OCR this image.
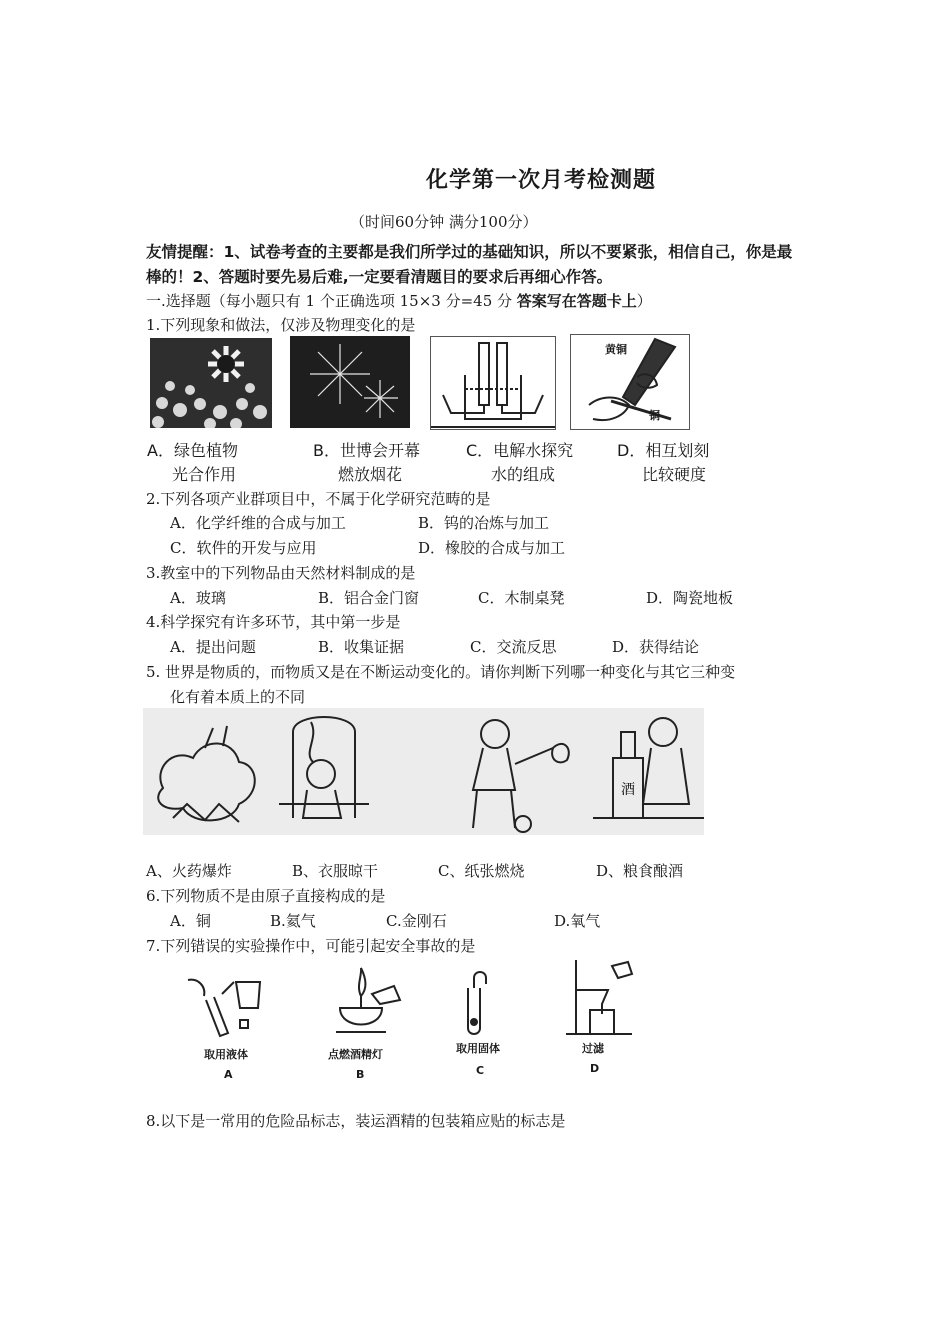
化学第一次月考检测题
（时间60分钟 满分100分）
友情提醒：1、试卷考查的主要都是我们所学过的基础知识，所以不要紧张，相信自己，你是最
棒的！2、答题时要先易后难,一定要看清题目的要求后再细心作答。
一.选择题（每小题只有 1 个正确选项 15×3 分=45 分 答案写在答题卡上）
1.下列现象和做法，仅涉及物理变化的是
黄铜
铜
A．绿色植物
光合作用
B．世博会开幕
燃放烟花
C．电解水探究
水的组成
D．相互划刻
比较硬度
2.下列各项产业群项目中，不属于化学研究范畴的是
A．化学纤维的合成与加工	B．钨的冶炼与加工
C．软件的开发与应用	D．橡胶的合成与加工
3.教室中的下列物品由天然材料制成的是
A．玻璃	B．铝合金门窗	C．木制桌凳	D．陶瓷地板
4.科学探究有许多环节，其中第一步是
A．提出问题	B．收集证据	C．交流反思	D．获得结论
5. 世界是物质的，而物质又是在不断运动变化的。请你判断下列哪一种变化与其它三种变
化有着本质上的不同
酒
A、火药爆炸	B、衣服晾干	C、纸张燃烧	D、粮食酿酒
6.下列物质不是由原子直接构成的是
A．铜	B.氦气	C.金刚石	D.氧气
7.下列错误的实验操作中，可能引起安全事故的是
取用液体
A
点燃酒精灯
B
取用固体
C
过滤
D
8.以下是一常用的危险品标志，装运酒精的包装箱应贴的标志是
